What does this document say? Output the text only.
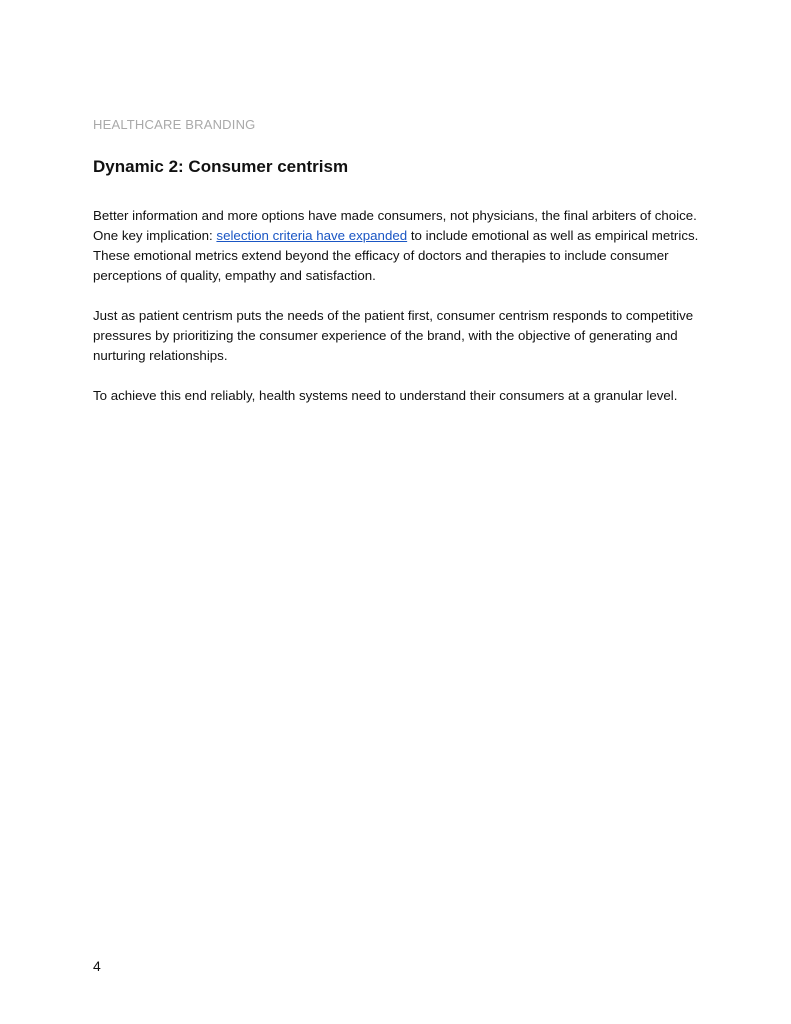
HEALTHCARE BRANDING
Dynamic 2: Consumer centrism

Better information and more options have made consumers, not physicians, the final arbiters of choice. One key implication: selection criteria have expanded to include emotional as well as empirical metrics. These emotional metrics extend beyond the efficacy of doctors and therapies to include consumer perceptions of quality, empathy and satisfaction.

Just as patient centrism puts the needs of the patient first, consumer centrism responds to competitive pressures by prioritizing the consumer experience of the brand, with the objective of generating and nurturing relationships.

To achieve this end reliably, health systems need to understand their consumers at a granular level.

4
